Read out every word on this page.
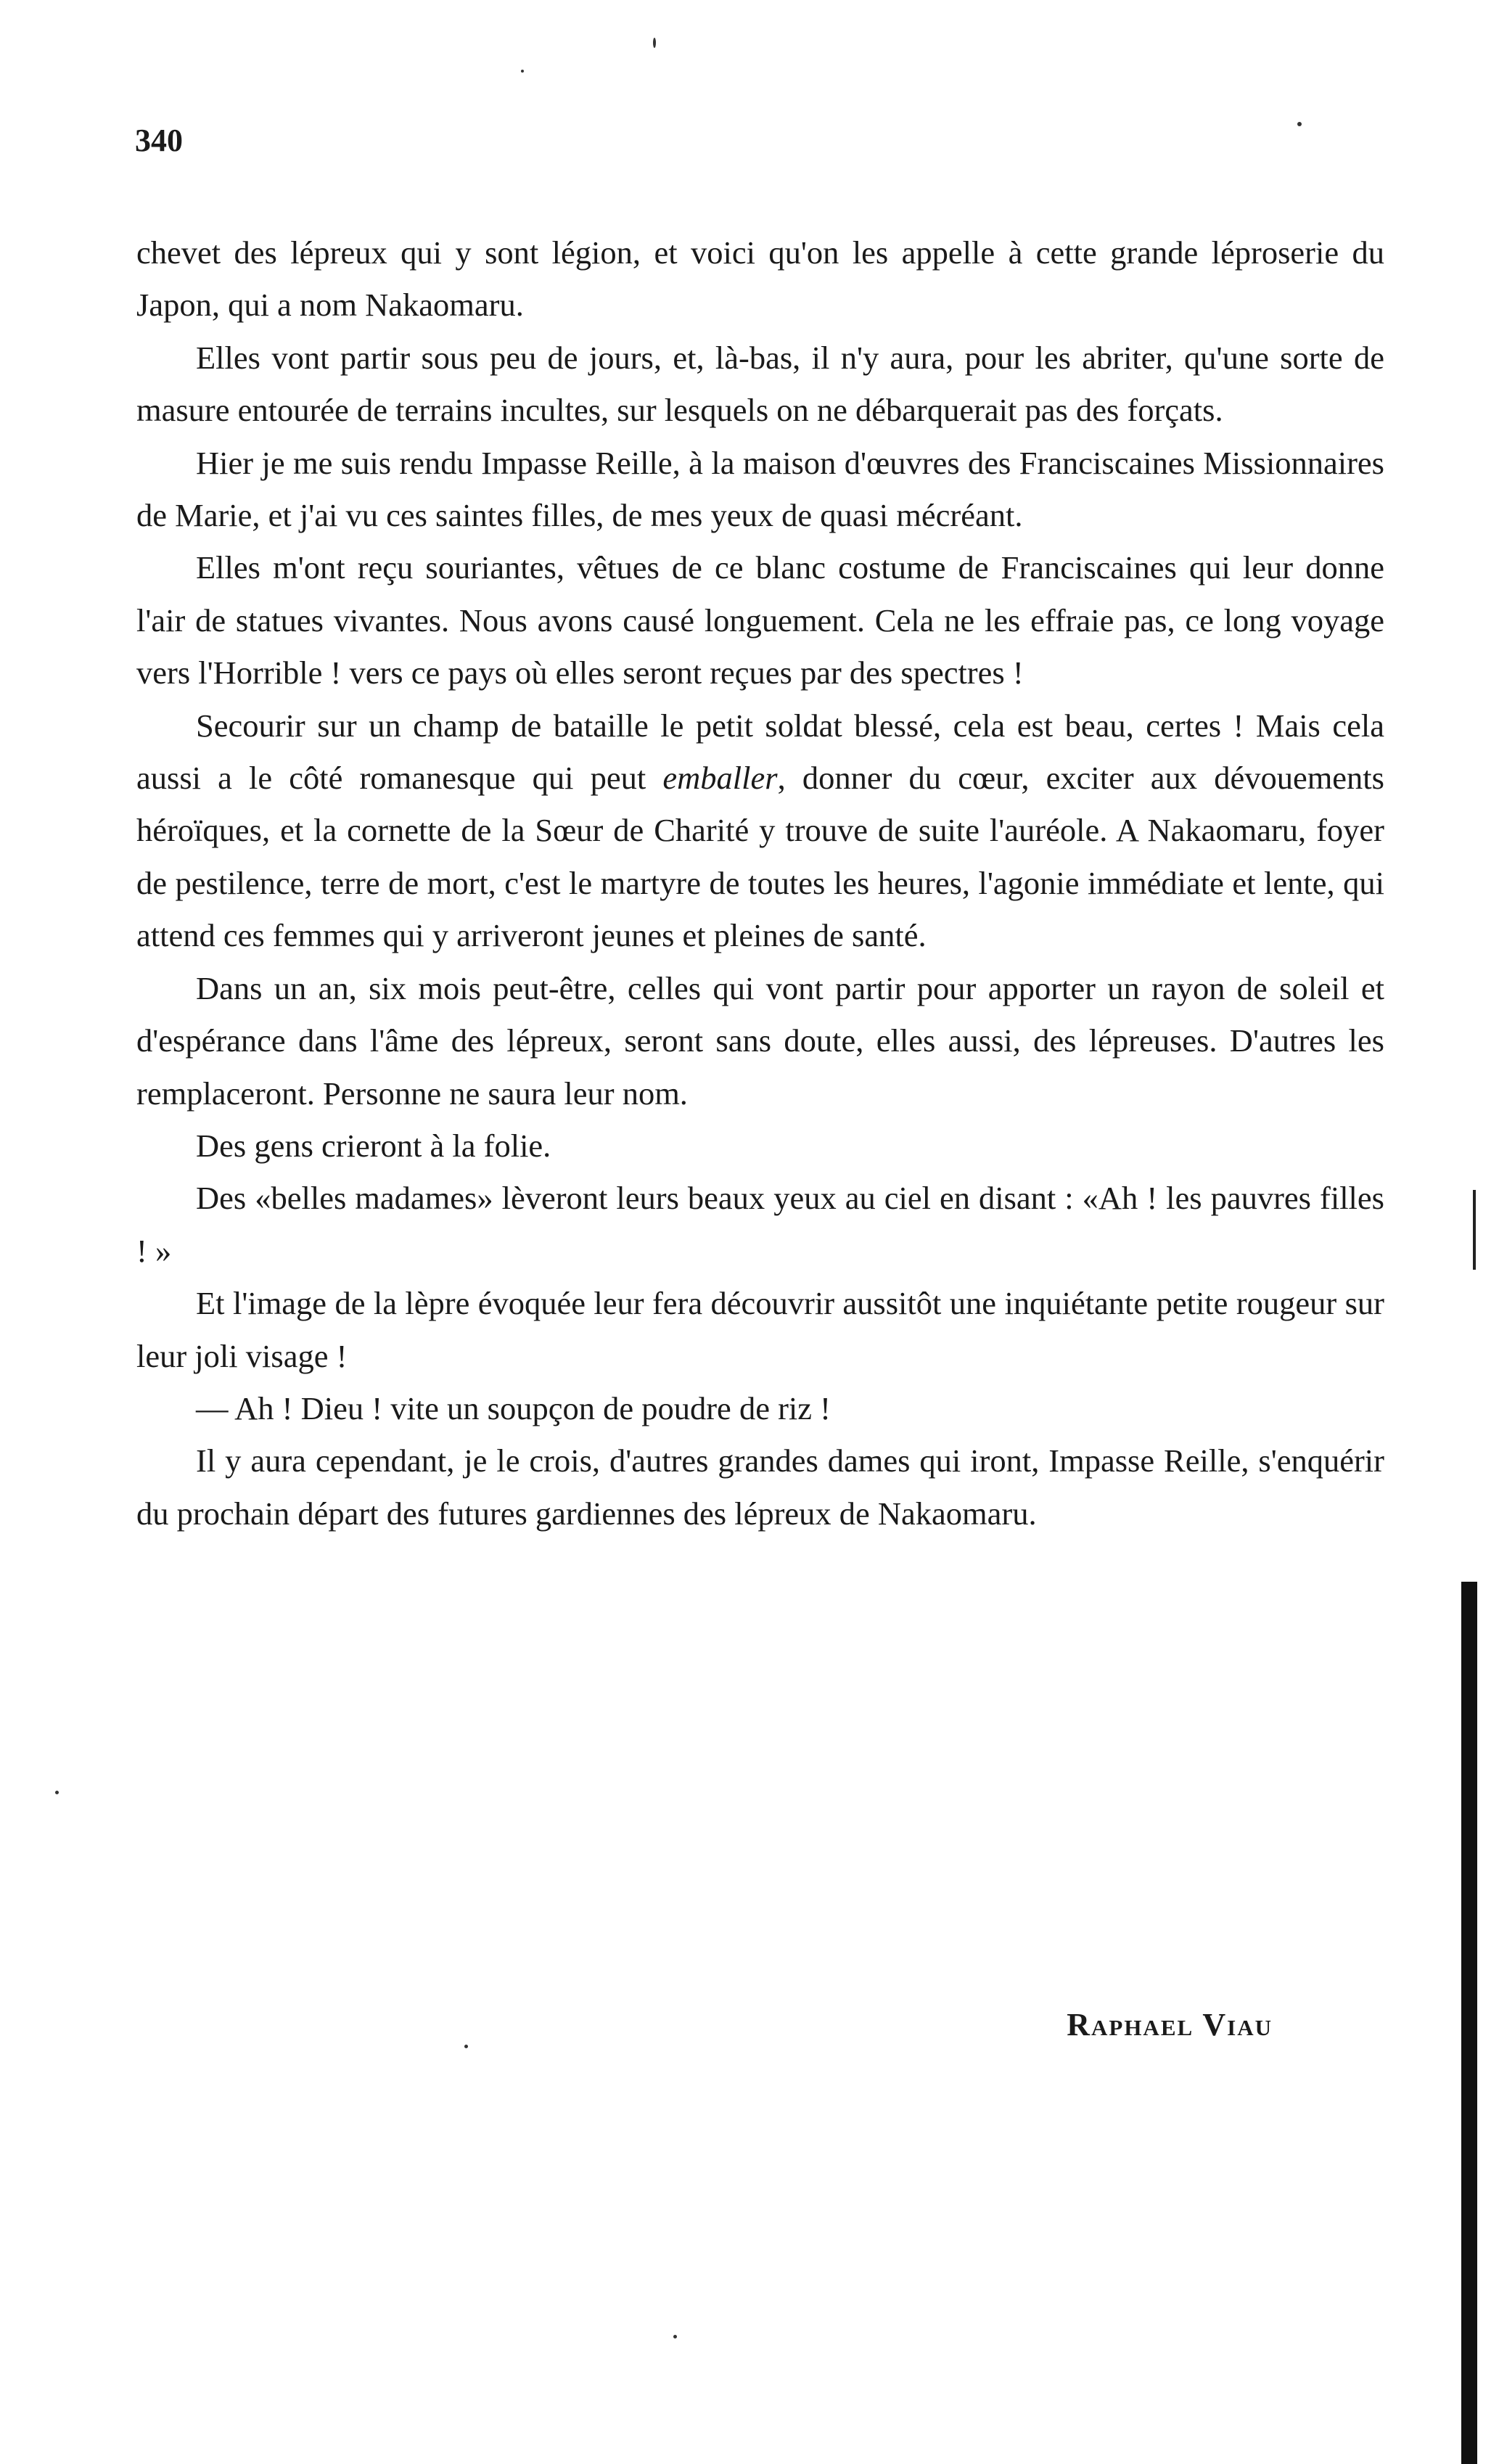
340

chevet des lépreux qui y sont légion, et voici qu'on les appelle à cette grande léproserie du Japon, qui a nom Nakaomaru.

Elles vont partir sous peu de jours, et, là-bas, il n'y aura, pour les abriter, qu'une sorte de masure entourée de terrains incultes, sur lesquels on ne débarquerait pas des forçats.

Hier je me suis rendu Impasse Reille, à la maison d'œuvres des Franciscaines Missionnaires de Marie, et j'ai vu ces saintes filles, de mes yeux de quasi mécréant.

Elles m'ont reçu souriantes, vêtues de ce blanc costume de Franciscaines qui leur donne l'air de statues vivantes. Nous avons causé longuement. Cela ne les effraie pas, ce long voyage vers l'Horrible ! vers ce pays où elles seront reçues par des spectres !

Secourir sur un champ de bataille le petit soldat blessé, cela est beau, certes ! Mais cela aussi a le côté romanesque qui peut emballer, donner du cœur, exciter aux dévouements héroïques, et la cornette de la Sœur de Charité y trouve de suite l'auréole. A Nakaomaru, foyer de pestilence, terre de mort, c'est le martyre de toutes les heures, l'agonie immédiate et lente, qui attend ces femmes qui y arriveront jeunes et pleines de santé.

Dans un an, six mois peut-être, celles qui vont partir pour apporter un rayon de soleil et d'espérance dans l'âme des lépreux, seront sans doute, elles aussi, des lépreuses. D'autres les remplaceront. Personne ne saura leur nom.

Des gens crieront à la folie.

Des «belles madames» lèveront leurs beaux yeux au ciel en disant : «Ah ! les pauvres filles ! »

Et l'image de la lèpre évoquée leur fera découvrir aussitôt une inquiétante petite rougeur sur leur joli visage !

— Ah ! Dieu ! vite un soupçon de poudre de riz !

Il y aura cependant, je le crois, d'autres grandes dames qui iront, Impasse Reille, s'enquérir du prochain départ des futures gardiennes des lépreux de Nakaomaru.

Raphael Viau
